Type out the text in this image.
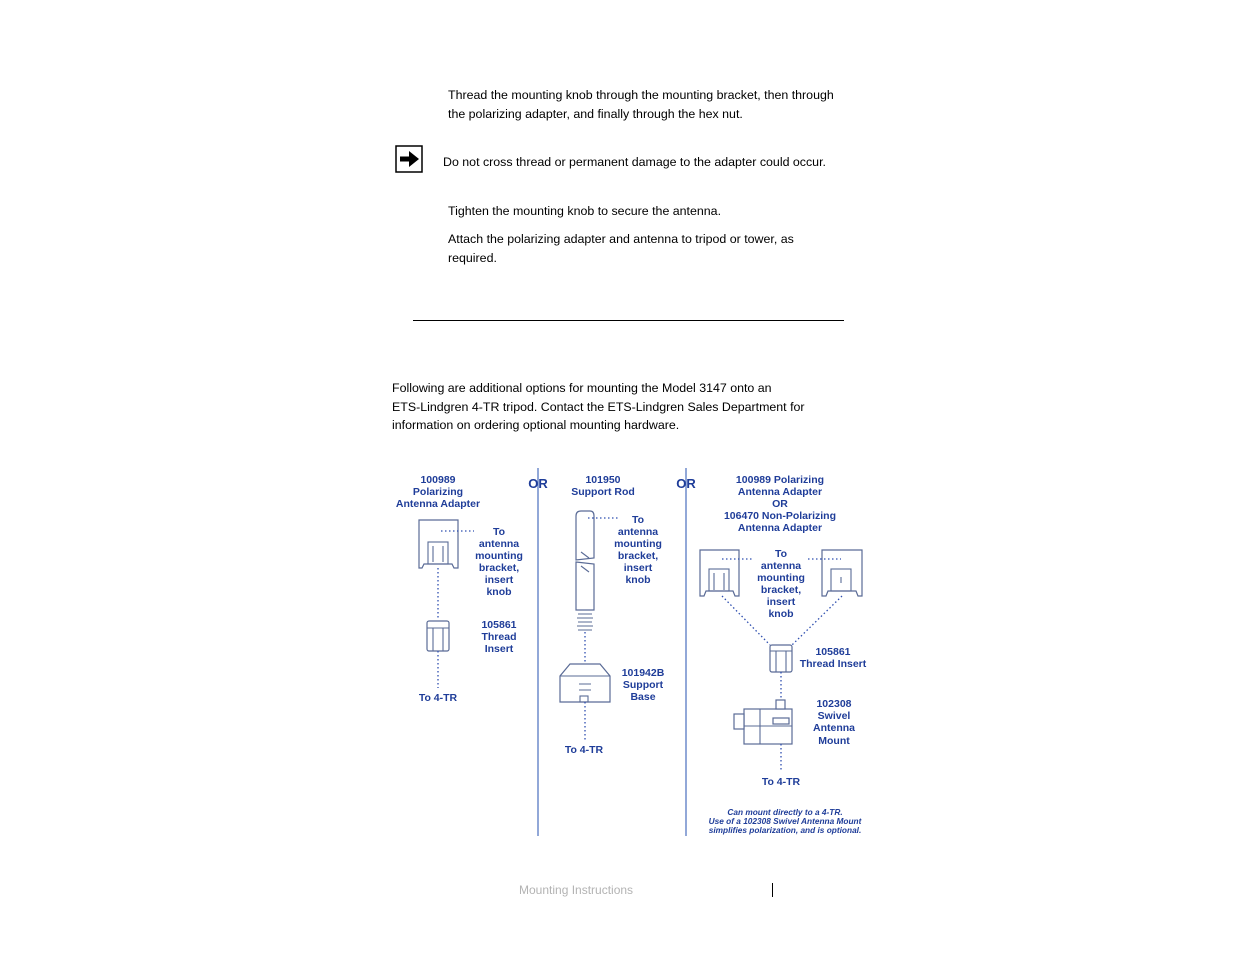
Thread the mounting knob through the mounting bracket, then through
the polarizing adapter, and finally through the hex nut.

Do not cross thread or permanent damage to the adapter could occur.

Tighten the mounting knob to secure the antenna.

Attach the polarizing adapter and antenna to tripod or tower, as
required.

Following are additional options for mounting the Model 3147 onto an
ETS-Lindgren 4-TR tripod. Contact the ETS-Lindgren Sales Department for
information on ordering optional mounting hardware.

OR	OR
100989
Polarizing
Antenna Adapter
To
antenna
mounting
bracket,
insert
knob
105861
Thread
Insert
To 4-TR
101950
Support Rod
To
antenna
mounting
bracket,
insert
knob
101942B
Support
Base
To 4-TR
100989 Polarizing
Antenna Adapter
OR
106470 Non-Polarizing
Antenna Adapter
To
antenna
mounting
bracket,
insert
knob
105861
Thread Insert
102308
Swivel
Antenna
Mount
To 4-TR
Can mount directly to a 4-TR.
Use of a 102308 Swivel Antenna Mount
simplifies polarization, and is optional.
Mounting Instructions
